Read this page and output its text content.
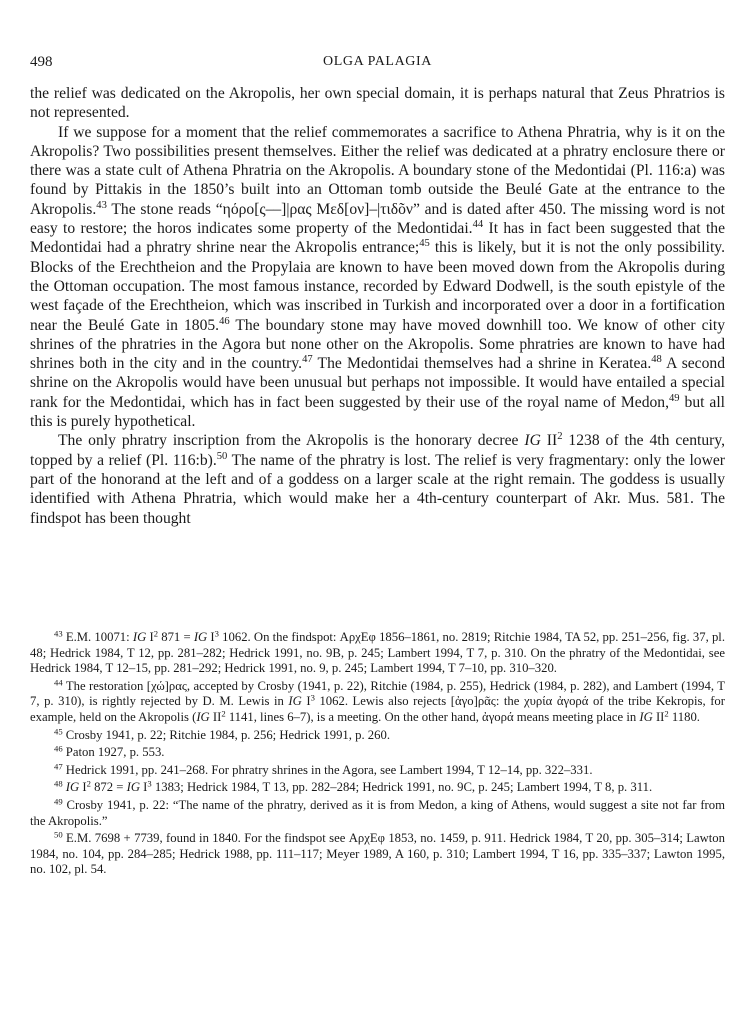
498	OLGA PALAGIA

the relief was dedicated on the Akropolis, her own special domain, it is perhaps natural that Zeus Phratrios is not represented.

If we suppose for a moment that the relief commemorates a sacrifice to Athena Phratria, why is it on the Akropolis? Two possibilities present themselves. Either the relief was dedicated at a phratry enclosure there or there was a state cult of Athena Phratria on the Akropolis. A boundary stone of the Medontidai (Pl. 116:a) was found by Pittakis in the 1850’s built into an Ottoman tomb outside the Beulé Gate at the entrance to the Akropolis.$^{43}$ The stone reads “ηόρο[ς‒‒]|ρας Μεδ[ον]‒|τιδõν” and is dated after 450. The missing word is not easy to restore; the horos indicates some property of the Medontidai.$^{44}$ It has in fact been suggested that the Medontidai had a phratry shrine near the Akropolis entrance;$^{45}$ this is likely, but it is not the only possibility. Blocks of the Erechtheion and the Propylaia are known to have been moved down from the Akropolis during the Ottoman occupation. The most famous instance, recorded by Edward Dodwell, is the south epistyle of the west façade of the Erechtheion, which was inscribed in Turkish and incorporated over a door in a fortification near the Beulé Gate in 1805.46 The boundary stone may have moved downhill too. We know of other city shrines of the phratries in the Agora but none other on the Akropolis. Some phratries are known to have had shrines both in the city and in the country.$^{47}$ The Medontidai themselves had a shrine in Keratea.$^{48}$ A second shrine on the Akropolis would have been unusual but perhaps not impossible. It would have entailed a special rank for the Medontidai, which has in fact been suggested by their use of the royal name of Medon,$^{49}$ but all this is purely hypothetical.

The only phratry inscription from the Akropolis is the honorary decree IG $II^2$ 1238 of the 4th century, topped by a relief (Pl. 116:b).$^{50}$ The name of the phratry is lost. The relief is very fragmentary: only the lower part of the honorand at the left and of a goddess on a larger scale at the right remain. The goddess is usually identified with Athena Phratria, which would make her a 4th-century counterpart of Akr. Mus. 581. The findspot has been thought

$^{43}$ E.M. 10071: IG $I^2$ 871 = IG $I^3$ 1062. On the findspot: ΑρχΕφ 1856–1861, no. 2819; Ritchie 1984, TA 52, pp. 251–256, fig. 37, pl. 48; Hedrick 1984, T 12, pp. 281–282; Hedrick 1991, no. 9B, p. 245; Lambert 1994, T 7, p. 310. On the phratry of the Medontidai, see Hedrick 1984, T 12–15, pp. 281–292; Hedrick 1991, no. 9, p. 245; Lambert 1994, T 7–10, pp. 310–320.

$^{44}$ The restoration [χώ]ρας, accepted by Crosby (1941, p. 22), Ritchie (1984, p. 255), Hedrick (1984, p. 282), and Lambert (1994, T 7, p. 310), is rightly rejected by D. M. Lewis in IG $I^3$ 1062. Lewis also rejects [ἀγο]ρᾶς: the χυρία ἀγορά of the tribe Kekropis, for example, held on the Akropolis (IG $II^2$ 1141, lines 6–7), is a meeting. On the other hand, ἀγορά means meeting place in IG $II^2$ 1180.

$^{45}$ Crosby 1941, p. 22; Ritchie 1984, p. 256; Hedrick 1991, p. 260.

$^{46}$ Paton 1927, p. 553.

$^{47}$ Hedrick 1991, pp. 241–268. For phratry shrines in the Agora, see Lambert 1994, T 12–14, pp. 322–331.

$^{48}$ IG $I^2$ 872 = IG $I^3$ 1383; Hedrick 1984, T 13, pp. 282–284; Hedrick 1991, no. 9C, p. 245; Lambert 1994, T 8, p. 311.

$^{49}$ Crosby 1941, p. 22: “The name of the phratry, derived as it is from Medon, a king of Athens, would suggest a site not far from the Akropolis.”

$^{50}$ E.M. 7698 + 7739, found in 1840. For the findspot see ΑρχΕφ 1853, no. 1459, p. 911. Hedrick 1984, T 20, pp. 305–314; Lawton 1984, no. 104, pp. 284–285; Hedrick 1988, pp. 111–117; Meyer 1989, A 160, p. 310; Lambert 1994, T 16, pp. 335–337; Lawton 1995, no. 102, pl. 54.
